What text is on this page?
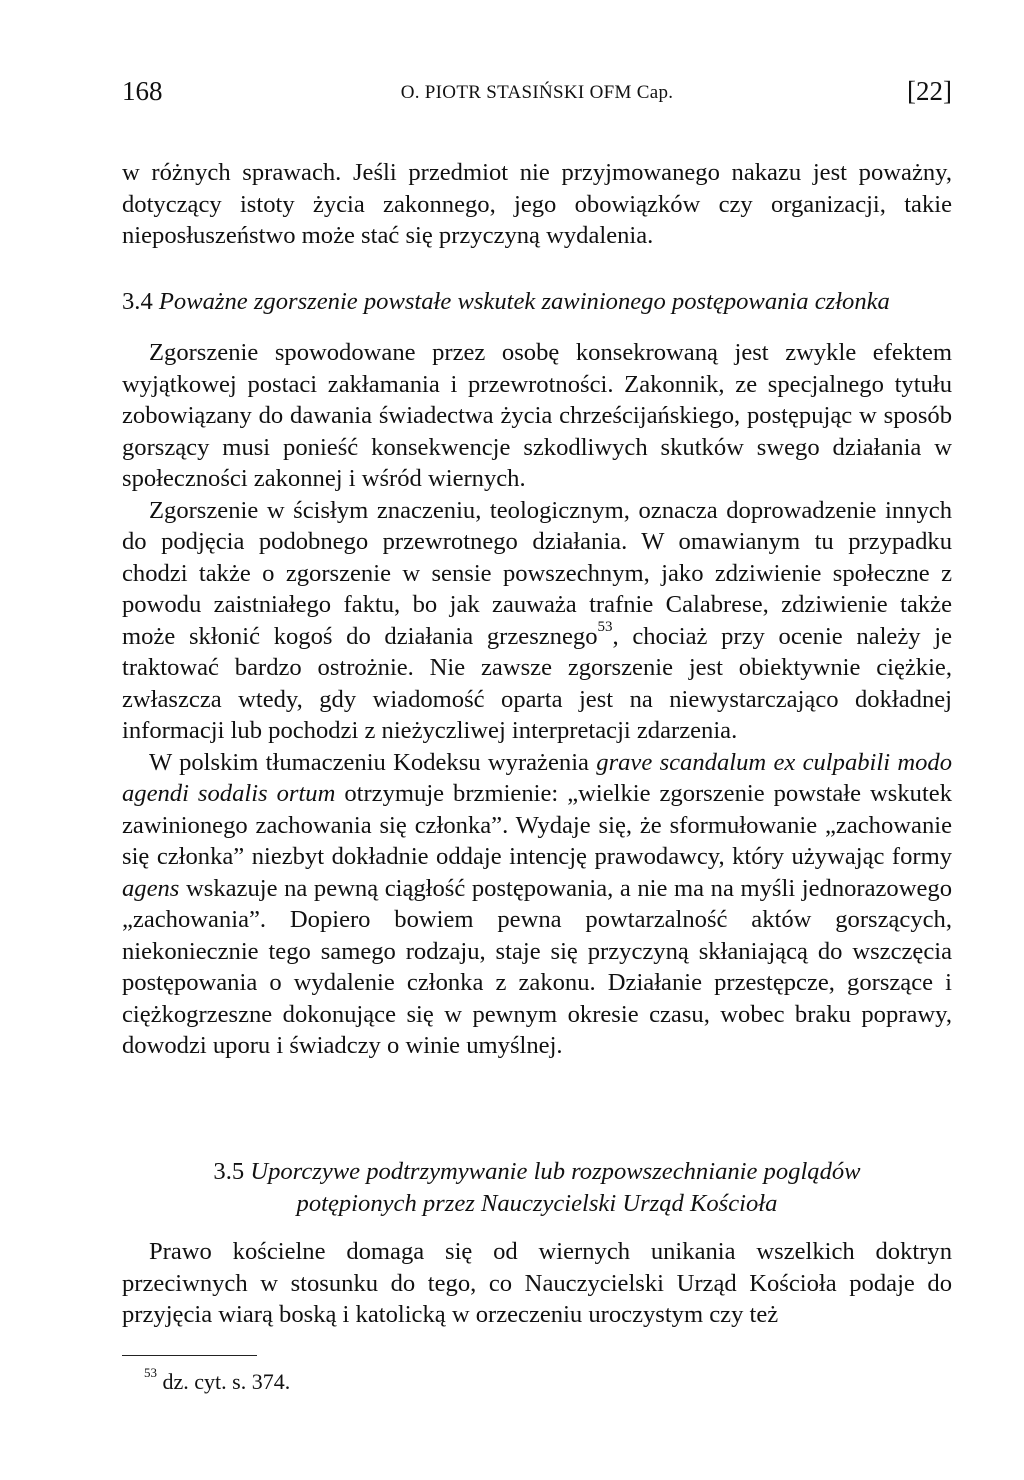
168	O. PIOTR STASIŃSKI OFM Cap.	[22]

w różnych sprawach. Jeśli przedmiot nie przyjmowanego nakazu jest poważny, dotyczący istoty życia zakonnego, jego obowiązków czy organizacji, takie nieposłuszeństwo może stać się przyczyną wydalenia.

3.4 Poważne zgorszenie powstałe wskutek zawinionego postępowania członka

Zgorszenie spowodowane przez osobę konsekrowaną jest zwykle efektem wyjątkowej postaci zakłamania i przewrotności. Zakonnik, ze specjalnego tytułu zobowiązany do dawania świadectwa życia chrześcijańskiego, postępując w sposób gorszący musi ponieść konsekwencje szkodliwych skutków swego działania w społeczności zakonnej i wśród wiernych.

Zgorszenie w ścisłym znaczeniu, teologicznym, oznacza doprowadzenie innych do podjęcia podobnego przewrotnego działania. W omawianym tu przypadku chodzi także o zgorszenie w sensie powszechnym, jako zdziwienie społeczne z powodu zaistniałego faktu, bo jak zauważa trafnie Calabrese, zdziwienie także może skłonić kogoś do działania grzesznego$^{53}$, chociaż przy ocenie należy je traktować bardzo ostrożnie. Nie zawsze zgorszenie jest obiektywnie ciężkie, zwłaszcza wtedy, gdy wiadomość oparta jest na niewystarczająco dokładnej informacji lub pochodzi z nieżyczliwej interpretacji zdarzenia.

W polskim tłumaczeniu Kodeksu wyrażenia grave scandalum ex culpabili modo agendi sodalis ortum otrzymuje brzmienie: „wielkie zgorszenie powstałe wskutek zawinionego zachowania się członka”. Wydaje się, że sformułowanie „zachowanie się członka” niezbyt dokładnie oddaje intencję prawodawcy, który używając formy agens wskazuje na pewną ciągłość postępowania, a nie ma na myśli jednorazowego „zachowania”. Dopiero bowiem pewna powtarzalność aktów gorszących, niekoniecznie tego samego rodzaju, staje się przyczyną skłaniającą do wszczęcia postępowania o wydalenie członka z zakonu. Działanie przestępcze, gorszące i ciężkogrzeszne dokonujące się w pewnym okresie czasu, wobec braku poprawy, dowodzi uporu i świadczy o winie umyślnej.

3.5 Uporczywe podtrzymywanie lub rozpowszechnianie poglądów
potępionych przez Nauczycielski Urząd Kościoła

Prawo kościelne domaga się od wiernych unikania wszelkich doktryn przeciwnych w stosunku do tego, co Nauczycielski Urząd Kościoła podaje do przyjęcia wiarą boską i katolicką w orzeczeniu uroczystym czy też

$^{53}$ dz. cyt. s. 374.
